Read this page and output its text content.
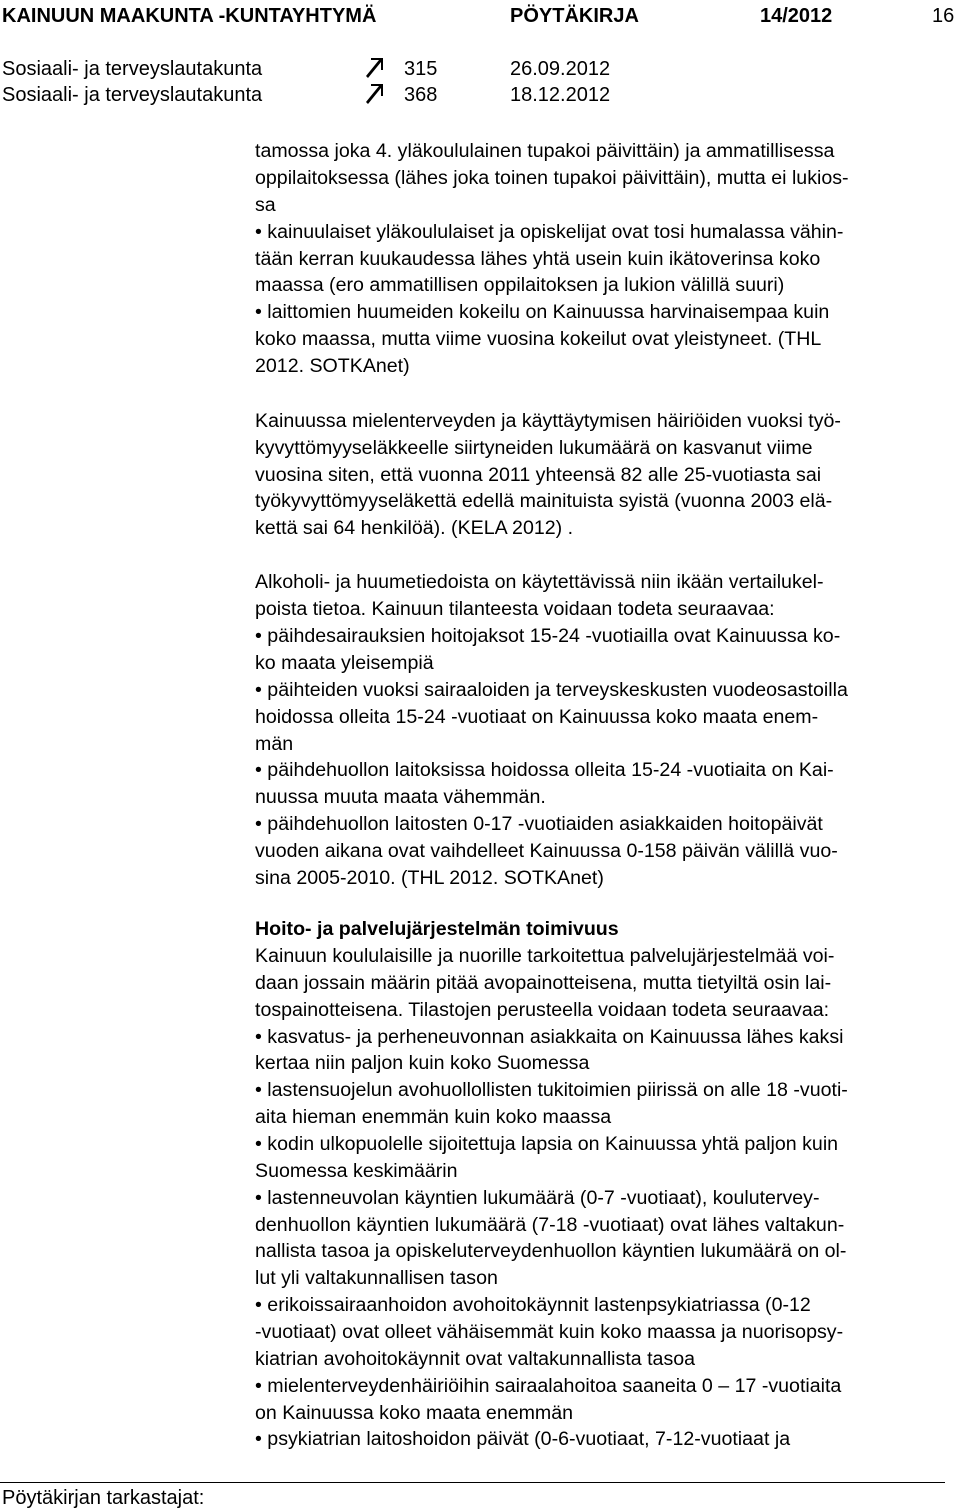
KAINUUN MAAKUNTA -KUNTAYHTYMÄ	PÖYTÄKIRJA	14/2012	16
Sosiaali- ja terveyslautakunta	315	26.09.2012
Sosiaali- ja terveyslautakunta	368	18.12.2012
tamossa joka 4. yläkoululainen tupakoi päivittäin) ja ammatillisessa
oppilaitoksessa (lähes joka toinen tupakoi päivittäin), mutta ei lukios-
sa
• kainuulaiset yläkoululaiset ja opiskelijat ovat tosi humalassa vähin-
tään kerran kuukaudessa lähes yhtä usein kuin ikätoverinsa koko
maassa (ero ammatillisen oppilaitoksen ja lukion välillä suuri)
• laittomien huumeiden kokeilu on Kainuussa harvinaisempaa kuin
koko maassa, mutta viime vuosina kokeilut ovat yleistyneet. (THL
2012. SOTKAnet)
Kainuussa mielenterveyden ja käyttäytymisen häiriöiden vuoksi työ-
kyvyttömyyseläkkeelle siirtyneiden lukumäärä on kasvanut viime
vuosina siten, että vuonna 2011 yhteensä 82 alle 25-vuotiasta sai
työkyvyttömyyseläkettä edellä mainituista syistä (vuonna 2003 elä-
kettä sai 64 henkilöä). (KELA 2012) .
Alkoholi- ja huumetiedoista on käytettävissä niin ikään vertailukel-
poista tietoa. Kainuun tilanteesta voidaan todeta seuraavaa:
• päihdesairauksien hoitojaksot 15-24 -vuotiailla ovat Kainuussa ko-
ko maata yleisempiä
• päihteiden vuoksi sairaaloiden ja terveyskeskusten vuodeosastoilla
hoidossa olleita 15-24 -vuotiaat on Kainuussa koko maata enem-
män
• päihdehuollon laitoksissa hoidossa olleita 15-24 -vuotiaita on Kai-
nuussa muuta maata vähemmän.
• päihdehuollon laitosten 0-17 -vuotiaiden asiakkaiden hoitopäivät
vuoden aikana ovat vaihdelleet Kainuussa 0-158 päivän välillä vuo-
sina 2005-2010. (THL 2012. SOTKAnet)
Hoito- ja palvelujärjestelmän toimivuus
Kainuun koululaisille ja nuorille tarkoitettua palvelujärjestelmää voi-
daan jossain määrin pitää avopainotteisena, mutta tietyiltä osin lai-
tospainotteisena. Tilastojen perusteella voidaan todeta seuraavaa:
• kasvatus- ja perheneuvonnan asiakkaita on Kainuussa lähes kaksi
kertaa niin paljon kuin koko Suomessa
• lastensuojelun avohuollollisten tukitoimien piirissä on alle 18 -vuoti-
aita hieman enemmän kuin koko maassa
• kodin ulkopuolelle sijoitettuja lapsia on Kainuussa yhtä paljon kuin
Suomessa keskimäärin
• lastenneuvolan käyntien lukumäärä (0-7 -vuotiaat), koulutervey-
denhuollon käyntien lukumäärä (7-18 -vuotiaat) ovat lähes valtakun-
nallista tasoa ja opiskeluterveydenhuollon käyntien lukumäärä on ol-
lut yli valtakunnallisen tason
• erikoissairaanhoidon avohoitokäynnit lastenpsykiatriassa (0-12
-vuotiaat) ovat olleet vähäisemmät kuin koko maassa ja nuorisopsy-
kiatrian avohoitokäynnit ovat valtakunnallista tasoa
• mielenterveydenhäiriöihin sairaalahoitoa saaneita 0 – 17 -vuotiaita
on Kainuussa koko maata enemmän
• psykiatrian laitoshoidon päivät (0-6-vuotiaat, 7-12-vuotiaat ja
Pöytäkirjan tarkastajat:
